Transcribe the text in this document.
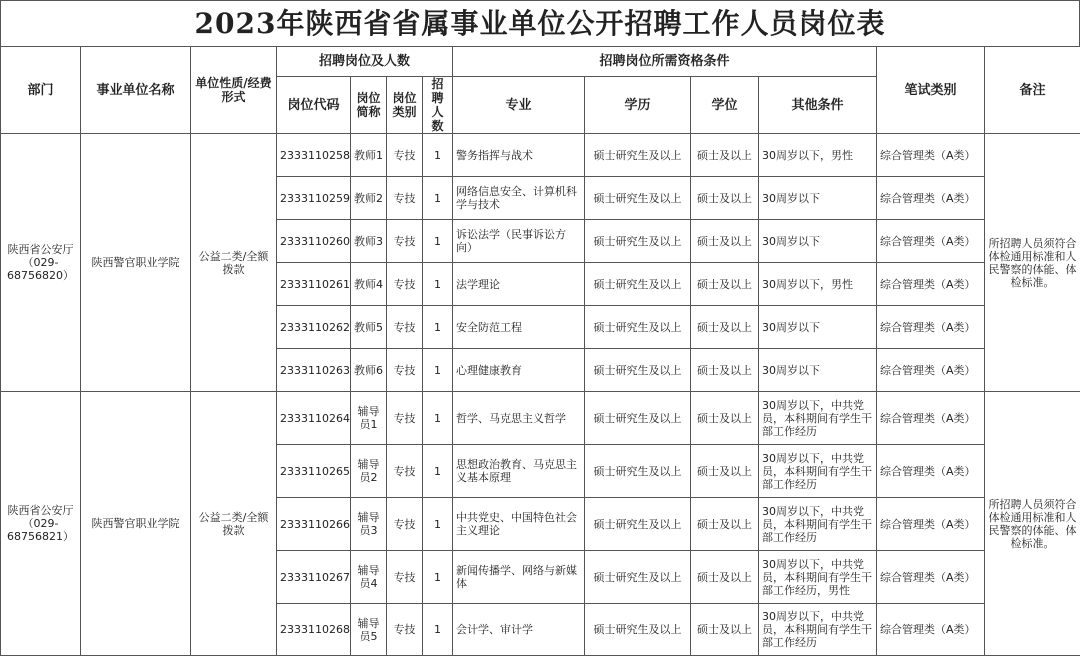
2023年陕西省省属事业单位公开招聘工作人员岗位表
部门	事业单位名称	单位性质/经费形式	招聘岗位及人数				招聘岗位所需资格条件				笔试类别	备注
			岗位代码	岗位简称	岗位类别	招聘人数	专业	学历	学位	其他条件		
陕西省公安厅（029-68756820）	陕西警官职业学院	公益二类/全额拨款	2333110258	教师1	专技	1	警务指挥与战术	硕士研究生及以上	硕士及以上	30周岁以下，男性	综合管理类（A类）	所招聘人员须符合体检通用标准和人民警察的体能、体检标准。
			2333110259	教师2	专技	1	网络信息安全、计算机科学与技术	硕士研究生及以上	硕士及以上	30周岁以下	综合管理类（A类）	
			2333110260	教师3	专技	1	诉讼法学（民事诉讼方向）	硕士研究生及以上	硕士及以上	30周岁以下	综合管理类（A类）	
			2333110261	教师4	专技	1	法学理论	硕士研究生及以上	硕士及以上	30周岁以下，男性	综合管理类（A类）	
			2333110262	教师5	专技	1	安全防范工程	硕士研究生及以上	硕士及以上	30周岁以下	综合管理类（A类）	
			2333110263	教师6	专技	1	心理健康教育	硕士研究生及以上	硕士及以上	30周岁以下	综合管理类（A类）	
陕西省公安厅（029-68756821）	陕西警官职业学院	公益二类/全额拨款	2333110264	辅导员1	专技	1	哲学、马克思主义哲学	硕士研究生及以上	硕士及以上	30周岁以下，中共党员，本科期间有学生干部工作经历	综合管理类（A类）	所招聘人员须符合体检通用标准和人民警察的体能、体检标准。
			2333110265	辅导员2	专技	1	思想政治教育、马克思主义基本原理	硕士研究生及以上	硕士及以上	30周岁以下，中共党员，本科期间有学生干部工作经历	综合管理类（A类）	
			2333110266	辅导员3	专技	1	中共党史、中国特色社会主义理论	硕士研究生及以上	硕士及以上	30周岁以下，中共党员，本科期间有学生干部工作经历	综合管理类（A类）	
			2333110267	辅导员4	专技	1	新闻传播学、网络与新媒体	硕士研究生及以上	硕士及以上	30周岁以下，中共党员，本科期间有学生干部工作经历，男性	综合管理类（A类）	
			2333110268	辅导员5	专技	1	会计学、审计学	硕士研究生及以上	硕士及以上	30周岁以下，中共党员，本科期间有学生干部工作经历	综合管理类（A类）	
